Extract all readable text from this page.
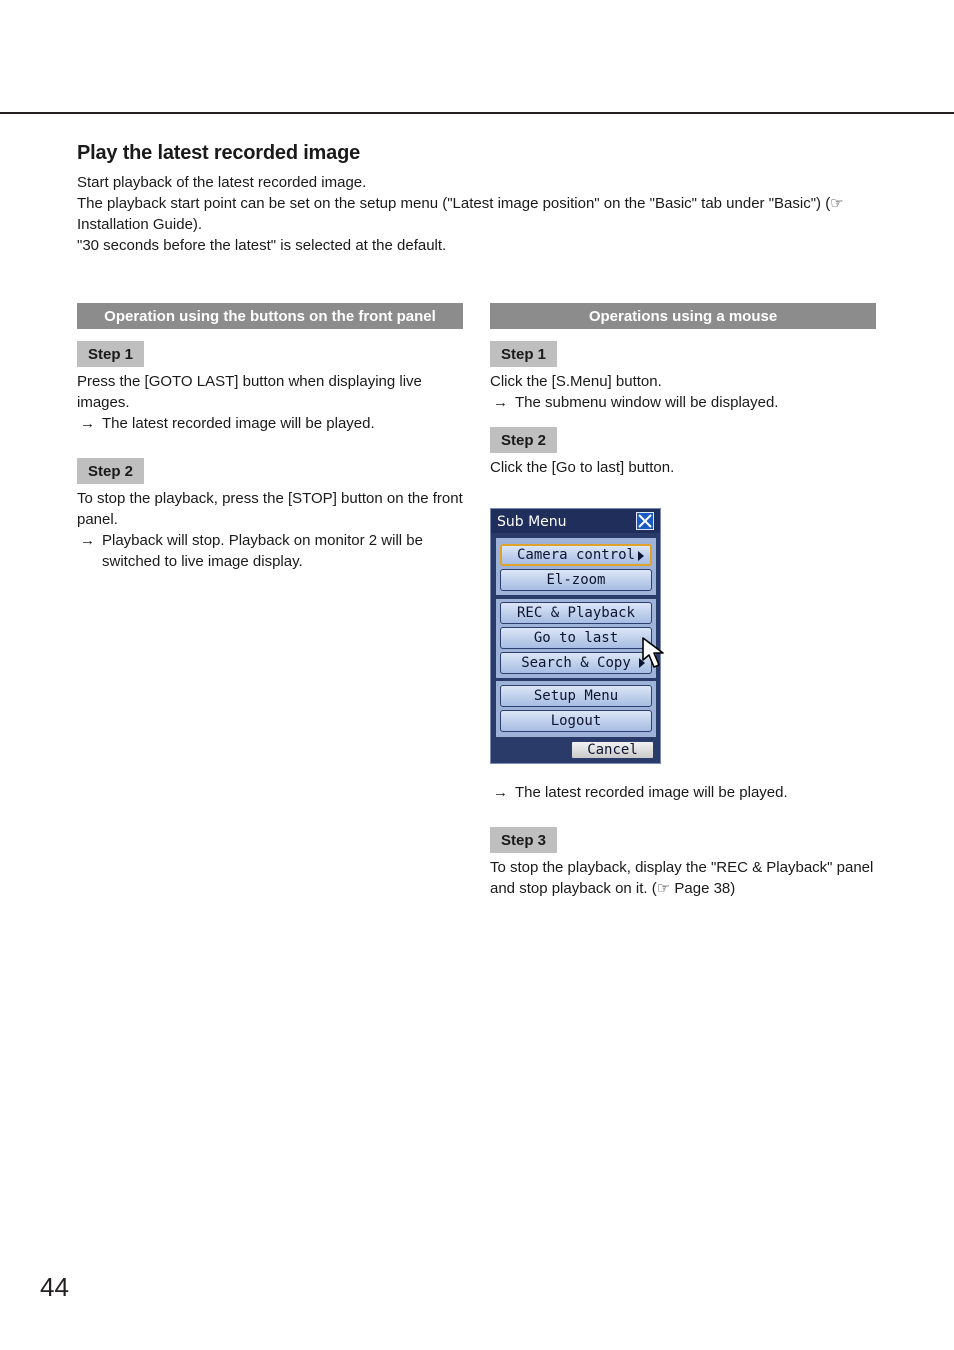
Play the latest recorded image

Start playback of the latest recorded image.

The playback start point can be set on the setup menu ("Latest image position" on the "Basic" tab under "Basic") (☞ Installation Guide).

"30 seconds before the latest" is selected at the default.

Operation using the buttons on the front panel
Step 1

Press the [GOTO LAST] button when displaying live images.

→ The latest recorded image will be played.
Step 2

To stop the playback, press the [STOP] button on the front panel.

→ Playback will stop. Playback on monitor 2 will be switched to live image display.
Operations using a mouse
Step 1

Click the [S.Menu] button.

→ The submenu window will be displayed.
Step 2

Click the [Go to last] button.

Sub Menu
Camera control
El-zoom
REC & Playback
Go to last
Search & Copy
Setup Menu
Logout
Cancel
→ The latest recorded image will be played.
Step 3

To stop the playback, display the "REC & Playback" panel and stop playback on it. (☞ Page 38)

44
